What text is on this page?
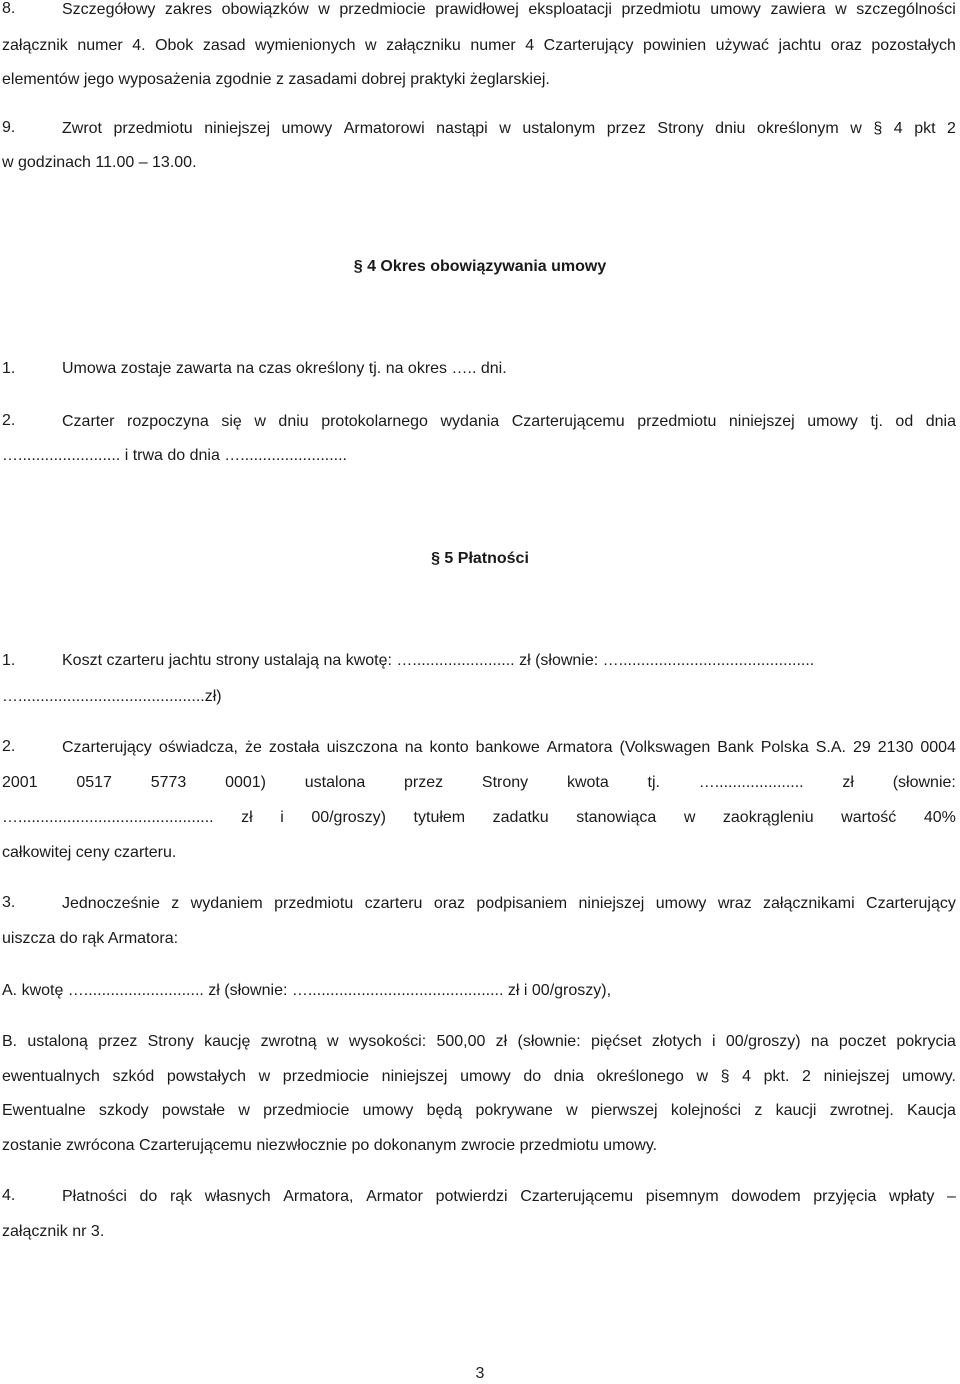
8.	Szczegółowy zakres obowiązków w przedmiocie prawidłowej eksploatacji przedmiotu umowy zawiera w szczególności
załącznik numer 4. Obok zasad wymienionych w załączniku numer 4 Czarterujący powinien używać jachtu oraz pozostałych
elementów jego wyposażenia zgodnie z zasadami dobrej praktyki żeglarskiej.
9.	Zwrot przedmiotu niniejszej umowy Armatorowi nastąpi w ustalonym przez Strony dniu określonym w § 4 pkt 2
w godzinach 11.00 – 13.00.
§ 4 Okres obowiązywania umowy
1.	Umowa zostaje zawarta na czas określony tj. na okres ….. dni.
2.	Czarter rozpoczyna się w dniu protokolarnego wydania Czarterującemu przedmiotu niniejszej umowy tj. od dnia
…....................... i trwa do dnia …........................
§ 5 Płatności
1.	Koszt czarteru jachtu strony ustalają na kwotę: …....................... zł (słownie: …............................................
…..........................................zł)
2.	Czarterujący oświadcza, że została uiszczona na konto bankowe Armatora (Volkswagen Bank Polska S.A. 29 2130 0004
2001 0517 5773 0001) ustalona przez Strony kwota tj. ….................... zł (słownie:
…............................................ zł i 00/groszy) tytułem zadatku stanowiąca w zaokrągleniu wartość 40%
całkowitej ceny czarteru.
3.	Jednocześnie z wydaniem przedmiotu czarteru oraz podpisaniem niniejszej umowy wraz załącznikami Czarterujący
uiszcza do rąk Armatora:
A. kwotę …........................... zł (słownie: …............................................ zł i 00/groszy),
B. ustaloną przez Strony kaucję zwrotną w wysokości: 500,00 zł (słownie: pięćset złotych i 00/groszy) na poczet pokrycia
ewentualnych szkód powstałych w przedmiocie niniejszej umowy do dnia określonego w § 4 pkt. 2 niniejszej umowy.
Ewentualne szkody powstałe w przedmiocie umowy będą pokrywane w pierwszej kolejności z kaucji zwrotnej. Kaucja
zostanie zwrócona Czarterującemu niezwłocznie po dokonanym zwrocie przedmiotu umowy.
4.	Płatności do rąk własnych Armatora, Armator potwierdzi Czarterującemu pisemnym dowodem przyjęcia wpłaty –
załącznik nr 3.
3
